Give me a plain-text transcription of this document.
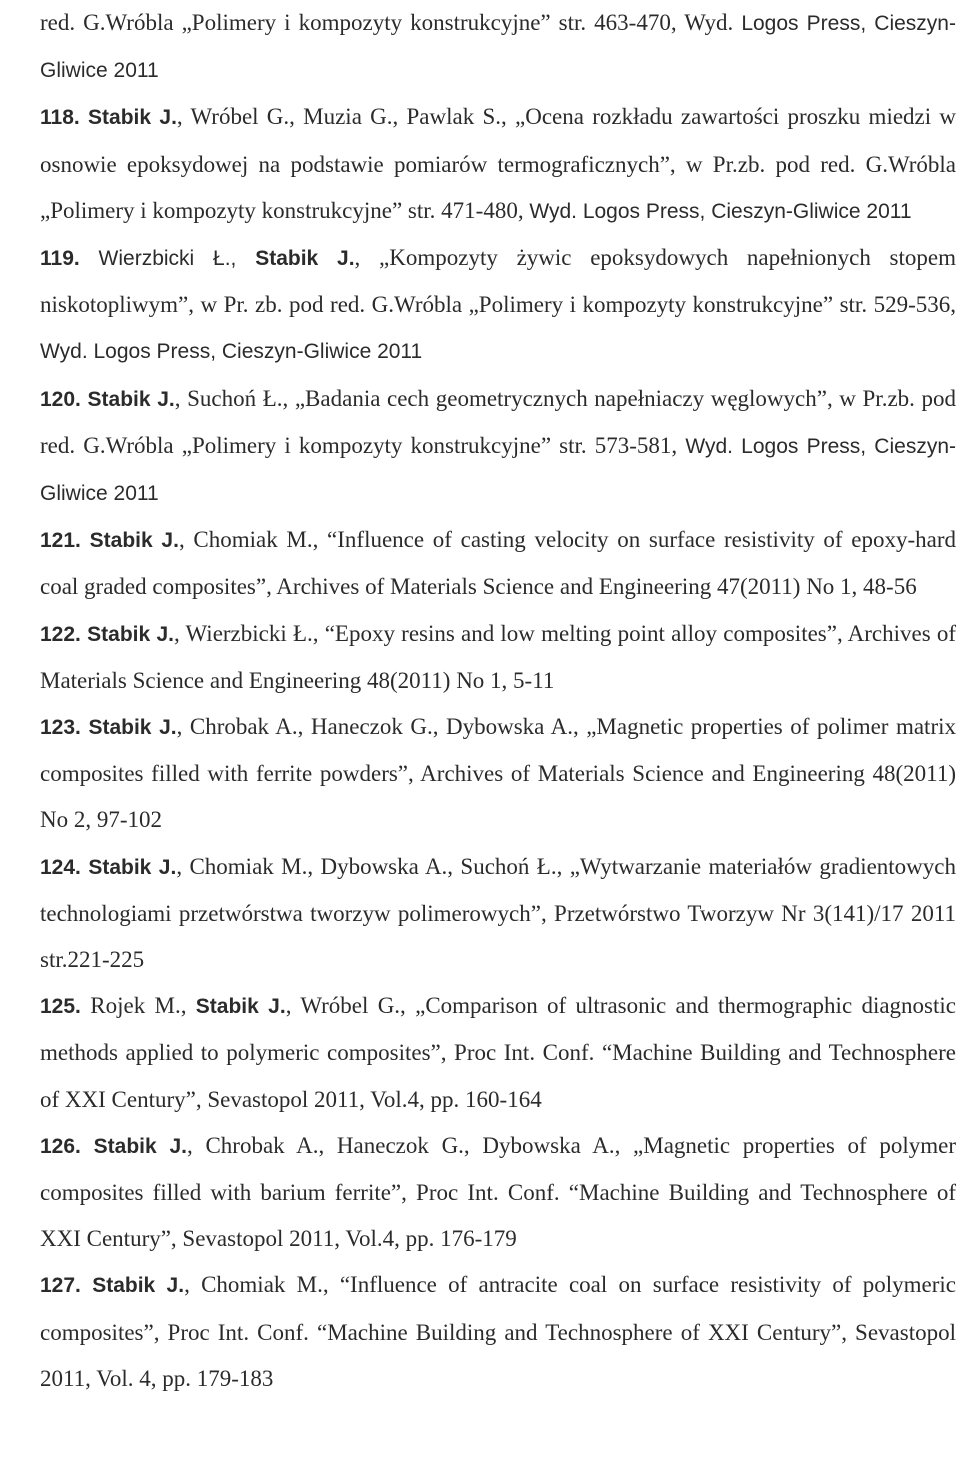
red. G.Wróbla „Polimery i kompozyty konstrukcyjne” str. 463-470, Wyd. Logos Press, Cieszyn-Gliwice 2011

118. Stabik J., Wróbel G., Muzia G., Pawlak S., „Ocena rozkładu zawartości proszku miedzi w osnowie epoksydowej na podstawie pomiarów termograficznych”, w Pr.zb. pod red. G.Wróbla „Polimery i kompozyty konstrukcyjne” str. 471-480, Wyd. Logos Press, Cieszyn-Gliwice 2011

119. Wierzbicki Ł., Stabik J., „Kompozyty żywic epoksydowych napełnionych stopem niskotopliwym”, w Pr. zb. pod red. G.Wróbla „Polimery i kompozyty konstrukcyjne” str. 529-536, Wyd. Logos Press, Cieszyn-Gliwice 2011

120. Stabik J., Suchoń Ł., „Badania cech geometrycznych napełniaczy węglowych”, w Pr.zb. pod red. G.Wróbla „Polimery i kompozyty konstrukcyjne” str. 573-581, Wyd. Logos Press, Cieszyn-Gliwice 2011

121. Stabik J., Chomiak M., “Influence of casting velocity on surface resistivity of epoxy-hard coal graded composites”, Archives of Materials Science and Engineering 47(2011) No 1, 48-56

122. Stabik J., Wierzbicki Ł., “Epoxy resins and low melting point alloy composites”, Archives of Materials Science and Engineering 48(2011) No 1, 5-11

123. Stabik J., Chrobak A., Haneczok G., Dybowska A., „Magnetic properties of polimer matrix composites filled with ferrite powders”, Archives of Materials Science and Engineering 48(2011) No 2, 97-102

124. Stabik J., Chomiak M., Dybowska A., Suchoń Ł., „Wytwarzanie materiałów gradientowych technologiami przetwórstwa tworzyw polimerowych”, Przetwórstwo Tworzyw Nr 3(141)/17 2011 str.221-225

125. Rojek M., Stabik J., Wróbel G., „Comparison of ultrasonic and thermographic diagnostic methods applied to polymeric composites”, Proc Int. Conf. “Machine Building and Technosphere of XXI Century”, Sevastopol 2011, Vol.4, pp. 160-164

126. Stabik J., Chrobak A., Haneczok G., Dybowska A., „Magnetic properties of polymer composites filled with barium ferrite”, Proc Int. Conf. “Machine Building and Technosphere of XXI Century”, Sevastopol 2011, Vol.4, pp. 176-179

127. Stabik J., Chomiak M., “Influence of antracite coal on surface resistivity of polymeric composites”, Proc Int. Conf. “Machine Building and Technosphere of XXI Century”, Sevastopol 2011, Vol. 4, pp. 179-183
